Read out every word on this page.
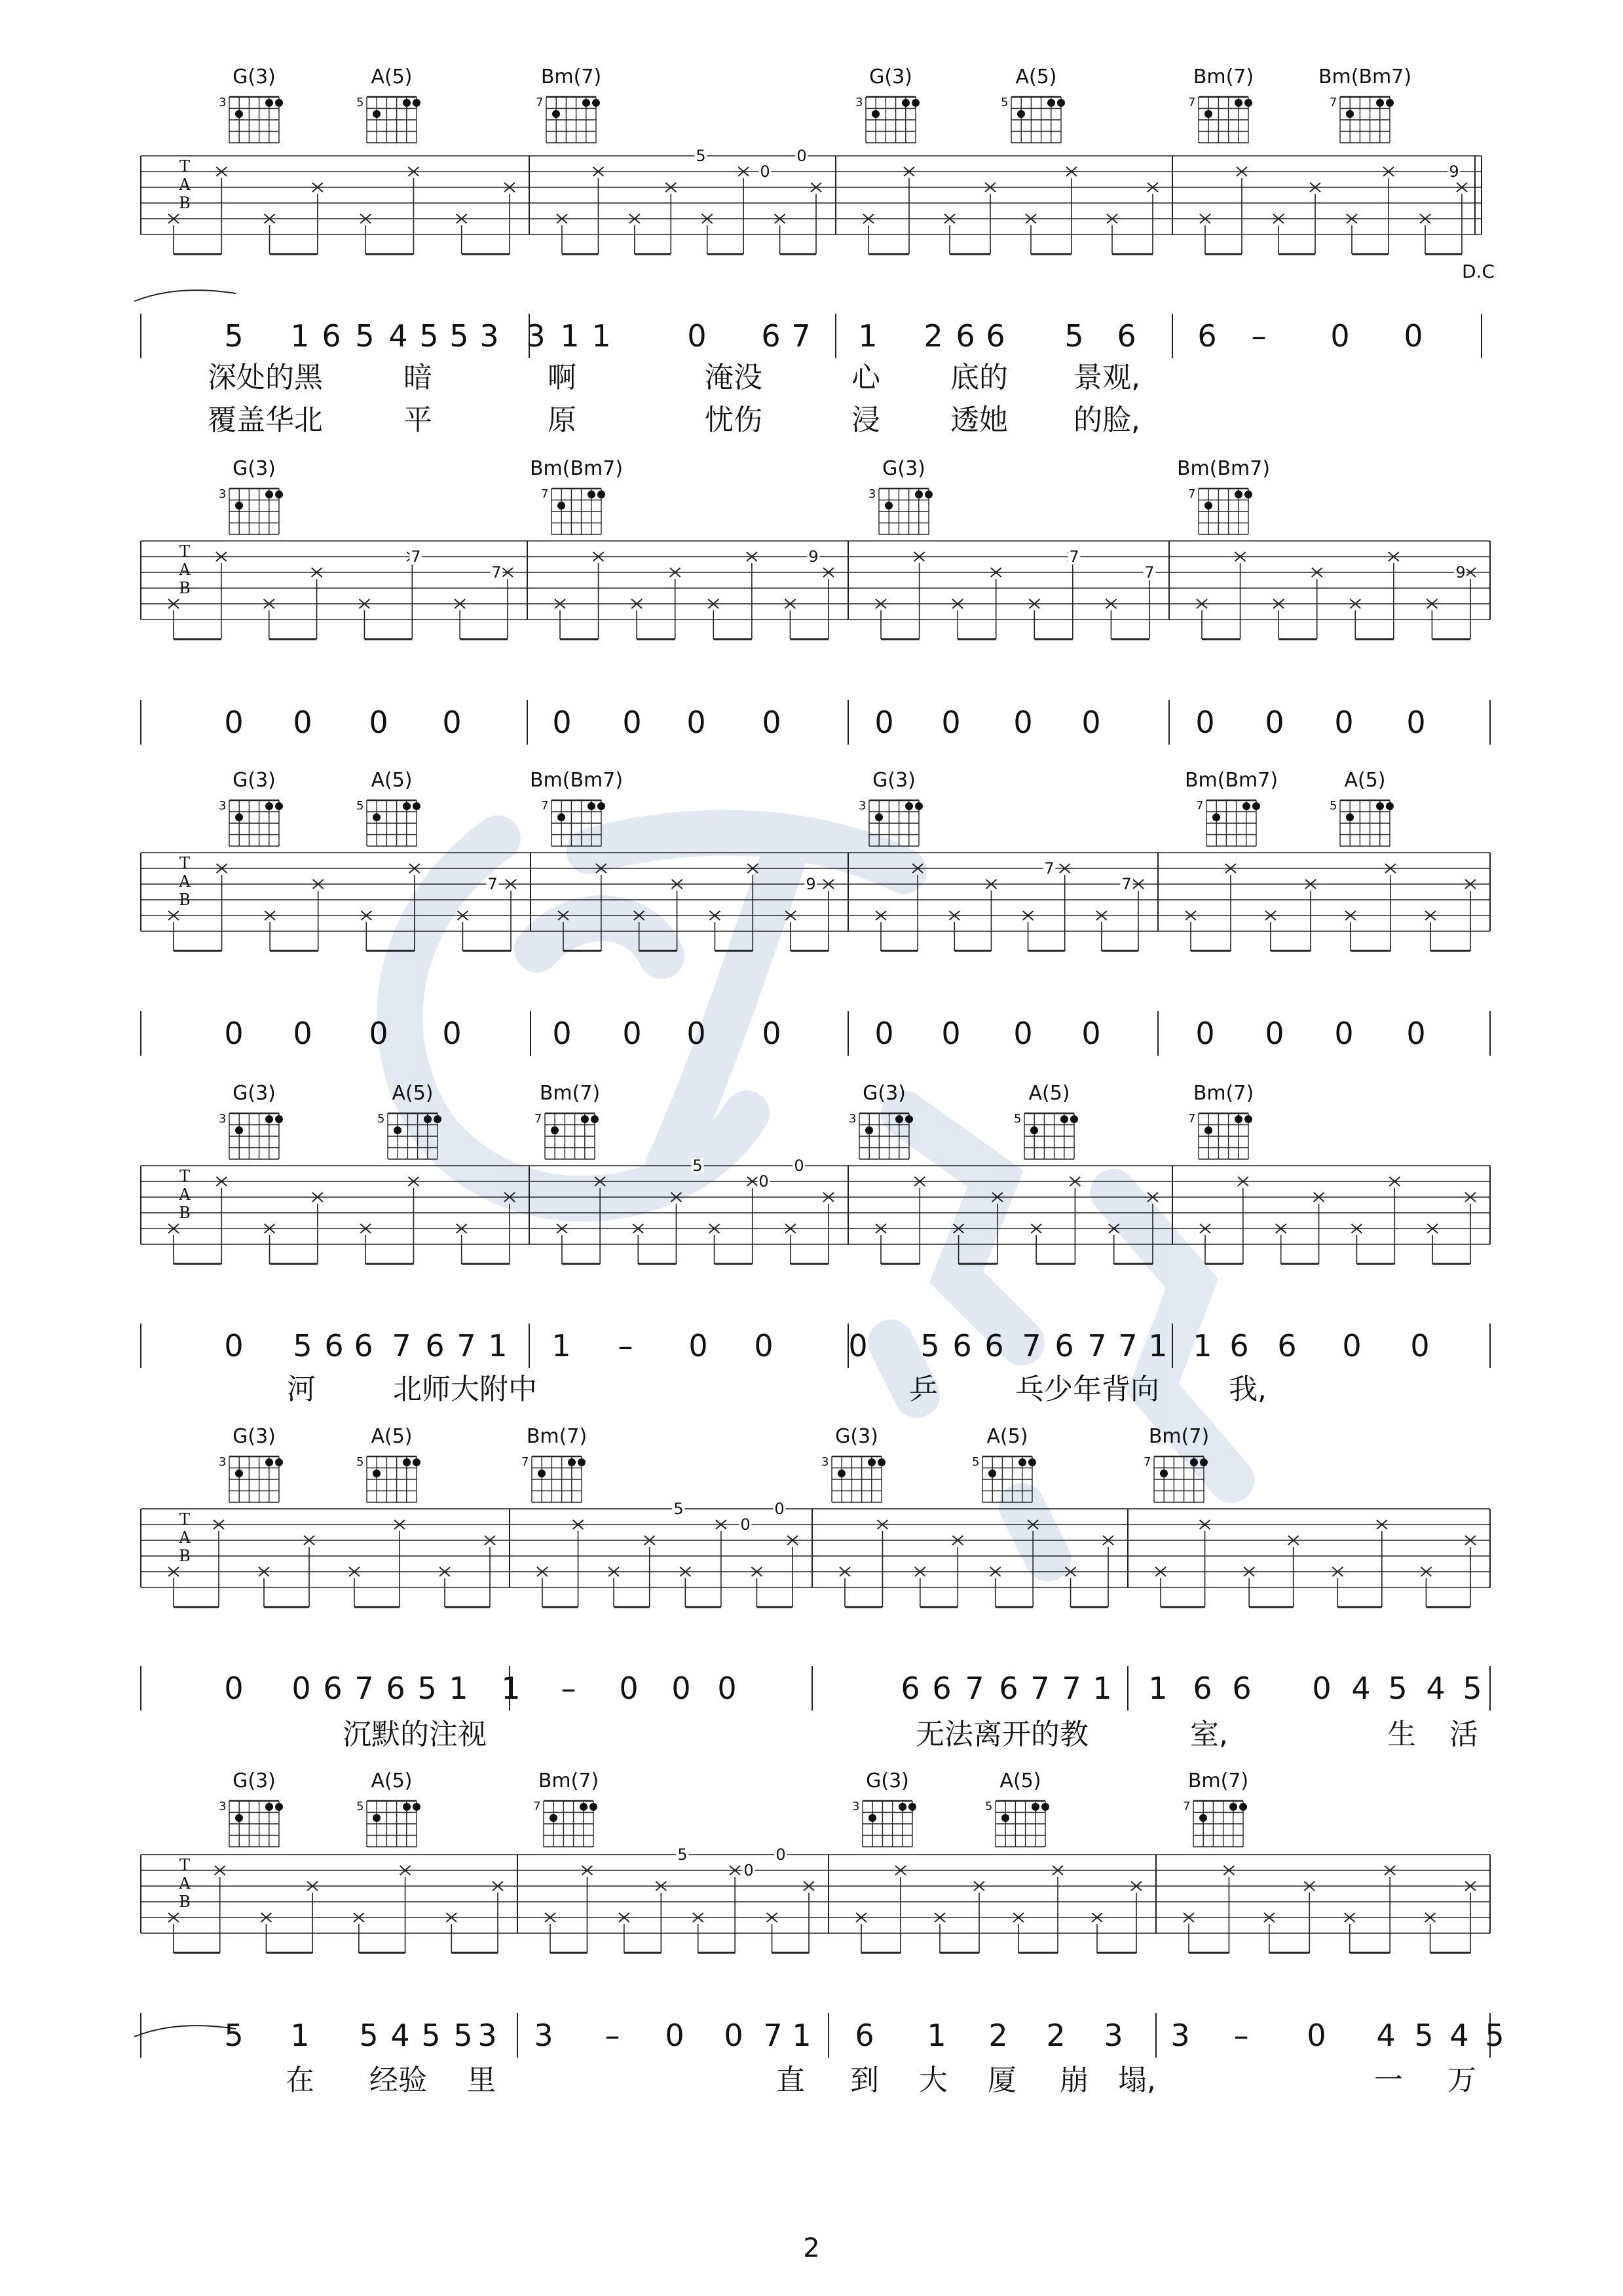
T
A
B
5	0
0	9
G(3)
3
A(5)
5
Bm(7)
7
G(3)
3
A(5)
5
Bm(7)
7
Bm(Bm7)
7
5 1 6 5 4 5 5 3 3 1 1	0 6 7 1 2 6 6 5 6 6 – 0 0
深处的黑	暗	啊	淹没	心 底的 景观,
覆盖华北	平	原	忧伤	浸 透她 的脸,
T
A
B
7
7
9	7
7	9
G(3)
3
Bm(Bm7)
7
G(3)
3
Bm(Bm7)
7
0 0 0 0	0 0 0 0	0 0 0 0	0 0 0 0
T
A
B
7	9
7
7
G(3)
3
A(5)
5
Bm(Bm7)
7
G(3)
3
Bm(Bm7)
7
A(5)
5
0 0 0 0	0 0 0 0	0 0 0 0	0 0 0 0
T
A
B
5	0
0
G(3)
3
A(5)
5
Bm(7)
7
G(3)
3
A(5)
5
Bm(7)
7
0 5 6 6 7 6 7 1 1 – 0 0 0 5 6 6 7 6 7 7 1 1 6 6 0 0
河	北师大附中	乒	乓少年背向 我,
T
A
B
5	0
0
G(3)
3
A(5)
5
Bm(7)
7
G(3)
3
A(5)
5
Bm(7)
7
0 0 6 7 6 5 1 1 – 0 0 0	6 6 7 6 7 7 1 1 6 6 0 4 5 4 5
沉默的注视	无法离开的教	室,	生 活
T
A
B
5	0
0
G(3)
3
A(5)
5
Bm(7)
7
G(3)
3
A(5)
5
Bm(7)
7
5 1 5 4 5 5 3 3 – 0 0 7 1 6 1 2 2 3 3 – 0 4 5 4 5
在 经验 里	直 到 大 厦 崩 塌,	一 万
D.C
2
